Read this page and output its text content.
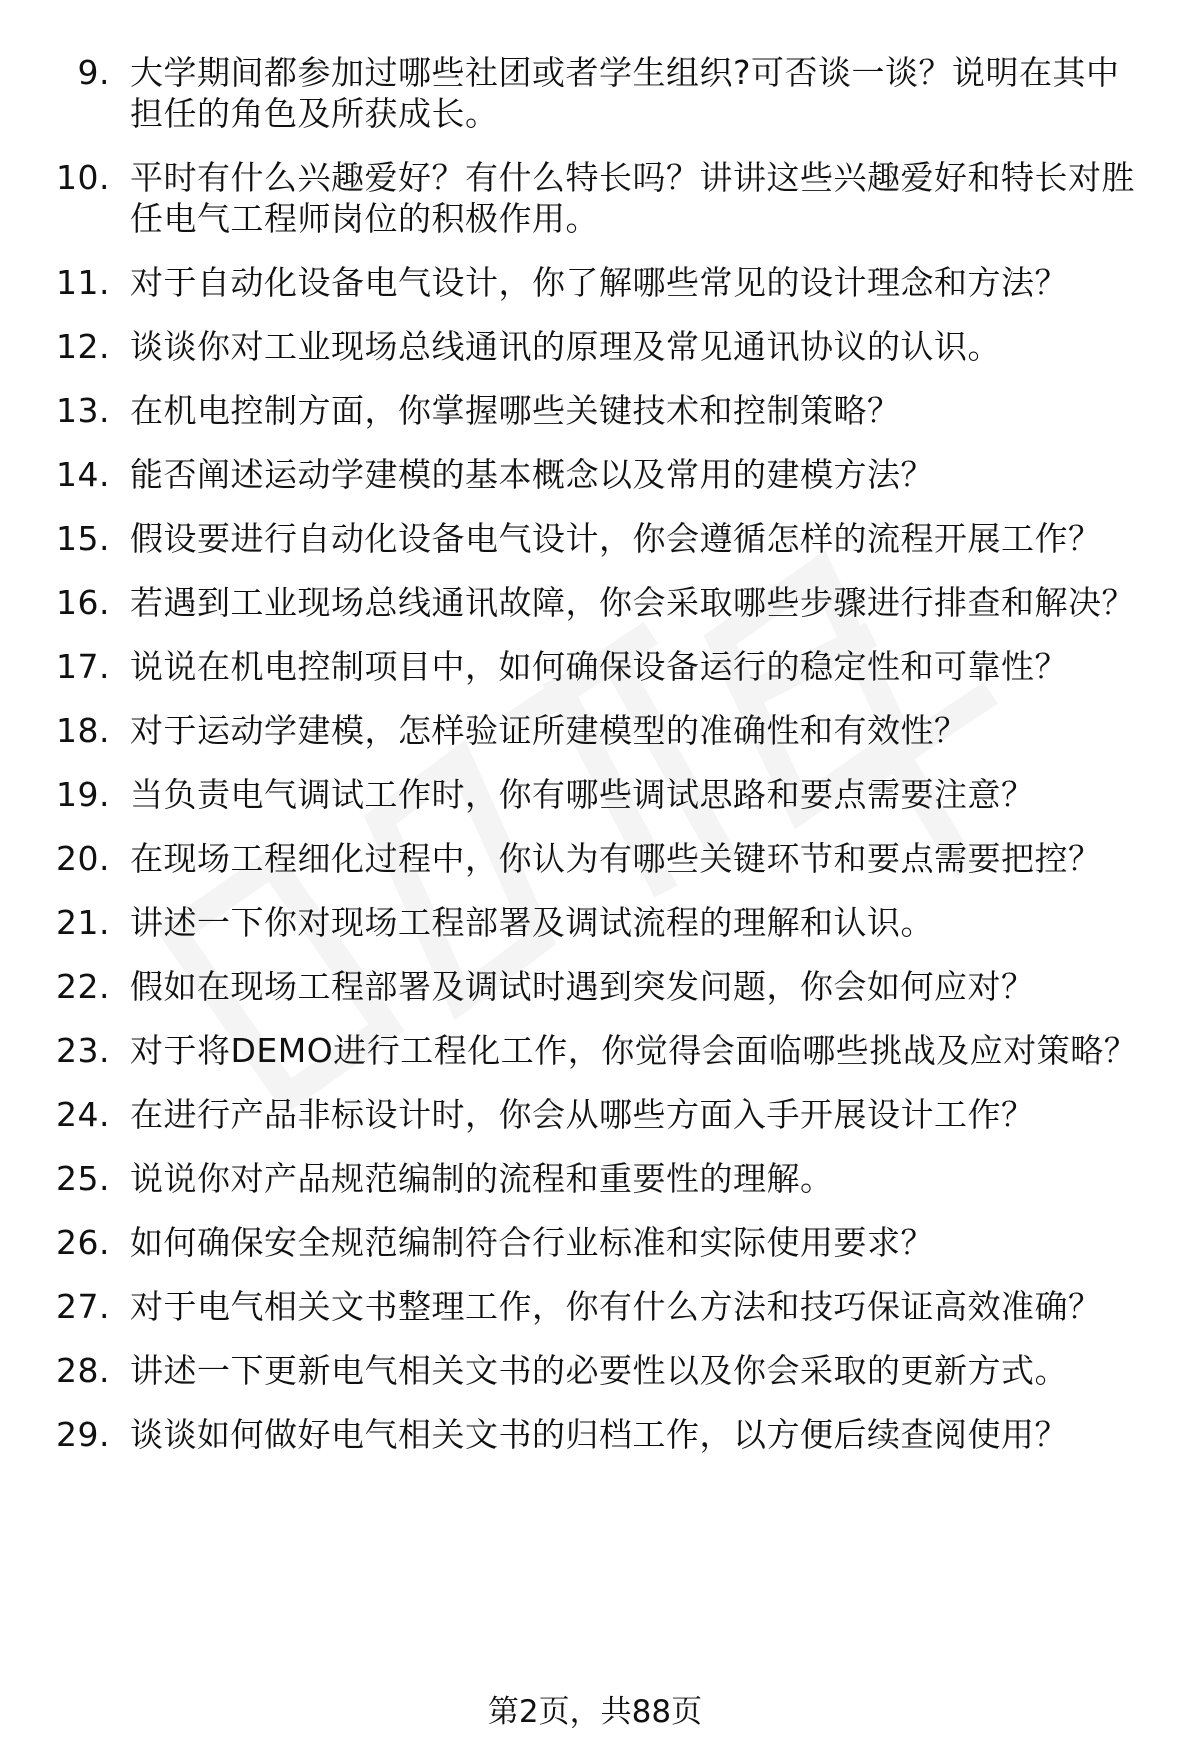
9. 大学期间都参加过哪些社团或者学生组织?可否谈一谈？说明在其中担任的角色及所获成长。
10. 平时有什么兴趣爱好？有什么特长吗？讲讲这些兴趣爱好和特长对胜任电气工程师岗位的积极作用。
11. 对于自动化设备电气设计，你了解哪些常见的设计理念和方法？
12. 谈谈你对工业现场总线通讯的原理及常见通讯协议的认识。
13. 在机电控制方面，你掌握哪些关键技术和控制策略？
14. 能否阐述运动学建模的基本概念以及常用的建模方法？
15. 假设要进行自动化设备电气设计，你会遵循怎样的流程开展工作？
16. 若遇到工业现场总线通讯故障，你会采取哪些步骤进行排查和解决？
17. 说说在机电控制项目中，如何确保设备运行的稳定性和可靠性？
18. 对于运动学建模，怎样验证所建模型的准确性和有效性？
19. 当负责电气调试工作时，你有哪些调试思路和要点需要注意？
20. 在现场工程细化过程中，你认为有哪些关键环节和要点需要把控？
21. 讲述一下你对现场工程部署及调试流程的理解和认识。
22. 假如在现场工程部署及调试时遇到突发问题，你会如何应对？
23. 对于将DEMO进行工程化工作，你觉得会面临哪些挑战及应对策略？
24. 在进行产品非标设计时，你会从哪些方面入手开展设计工作？
25. 说说你对产品规范编制的流程和重要性的理解。
26. 如何确保安全规范编制符合行业标准和实际使用要求？
27. 对于电气相关文书整理工作，你有什么方法和技巧保证高效准确？
28. 讲述一下更新电气相关文书的必要性以及你会采取的更新方式。
29. 谈谈如何做好电气相关文书的归档工作，以方便后续查阅使用？
第2页，共88页
